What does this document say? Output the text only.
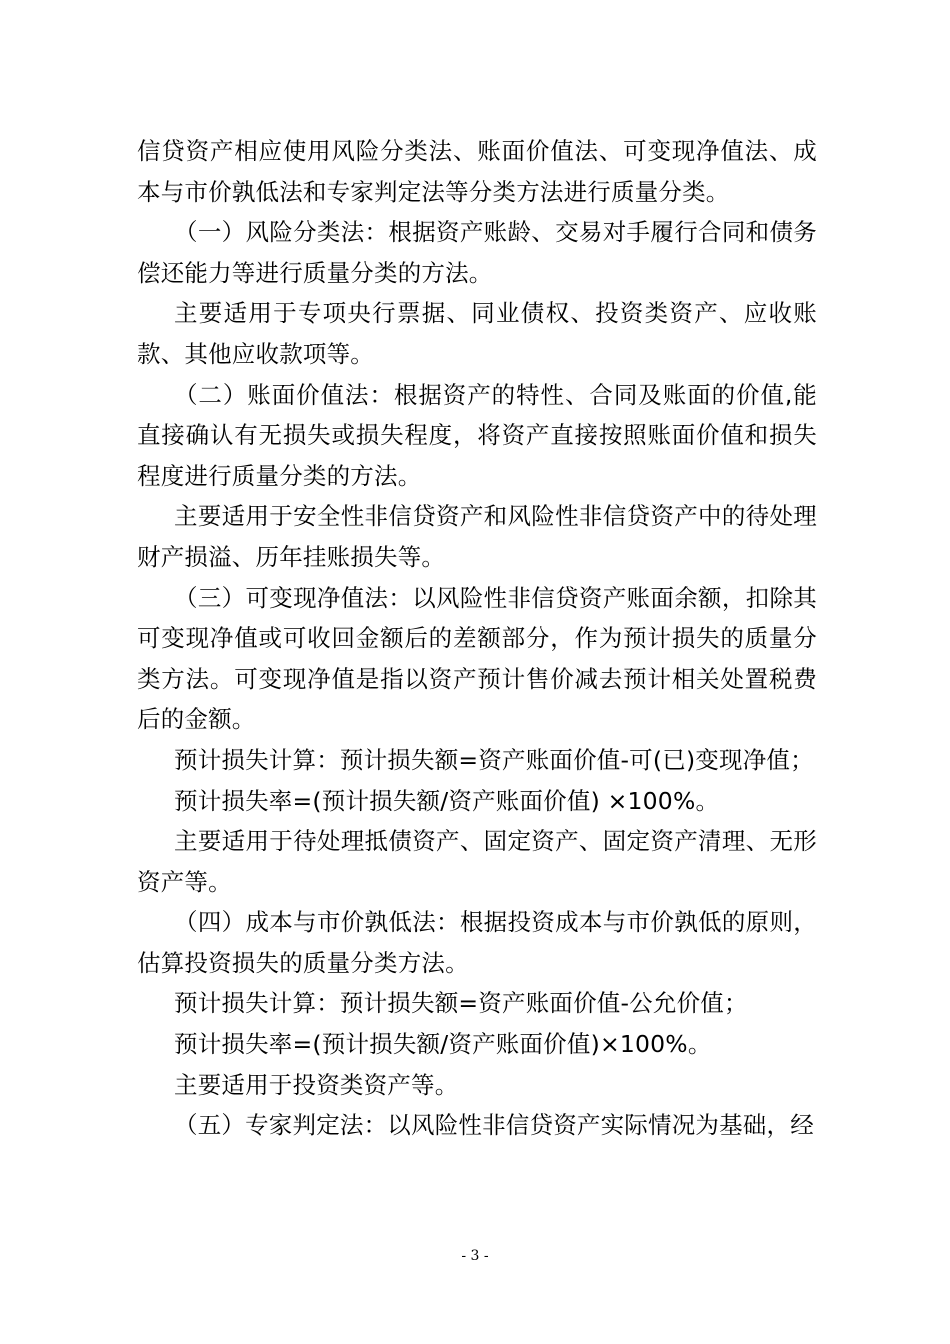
信贷资产相应使用风险分类法、账面价值法、可变现净值法、成本与市价孰低法和专家判定法等分类方法进行质量分类。

（一）风险分类法：根据资产账龄、交易对手履行合同和债务偿还能力等进行质量分类的方法。

主要适用于专项央行票据、同业债权、投资类资产、应收账款、其他应收款项等。

（二）账面价值法：根据资产的特性、合同及账面的价值,能直接确认有无损失或损失程度，将资产直接按照账面价值和损失程度进行质量分类的方法。

主要适用于安全性非信贷资产和风险性非信贷资产中的待处理财产损溢、历年挂账损失等。

（三）可变现净值法：以风险性非信贷资产账面余额，扣除其可变现净值或可收回金额后的差额部分，作为预计损失的质量分类方法。可变现净值是指以资产预计售价减去预计相关处置税费后的金额。

预计损失计算：预计损失额=资产账面价值-可(已)变现净值；

预计损失率=(预计损失额/资产账面价值) ×100%。

主要适用于待处理抵债资产、固定资产、固定资产清理、无形资产等。

（四）成本与市价孰低法：根据投资成本与市价孰低的原则，估算投资损失的质量分类方法。

预计损失计算：预计损失额=资产账面价值-公允价值；

预计损失率=(预计损失额/资产账面价值)×100%。

主要适用于投资类资产等。

（五）专家判定法：以风险性非信贷资产实际情况为基础，经

- 3 -
